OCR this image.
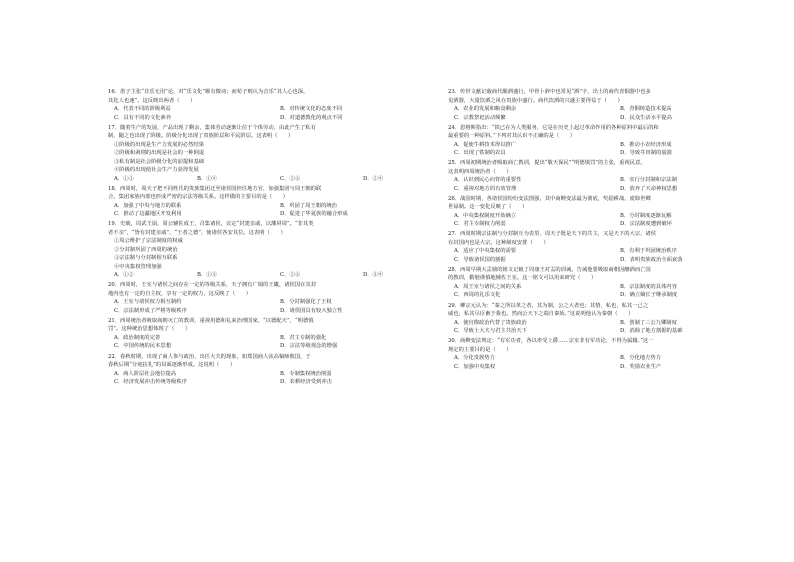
16．墨子主张“非乐无用”论，对“乐文化”颇有微词；而荀子则认为音乐“其人心也深，
其化人也速”。这反映出两者（　　）
A．代表不同的阶级利益	B．对传统文化的态度不同
C．具有不同的文化素养	D．对道德教化的观点不同
17．随着生产的发展，产品出现了剩余，集体劳动逐渐让位于个体劳动，由此产生了私有
制，随之也出现了阶级。阶级分化出现了贵族阶层和平民阶层。这表明（　　）
①阶级的出现是生产力发展的必然结果
②阶级和剥削的出现是社会的一种倒退
③私有制是社会阶级分化的前提和基础
④阶级的出现使社会生产力获得发展
A．①③	B．①④	C．②③	D．②④
18．西周时，周天子把不同姓氏的贵族集团迁至诸侯国担任地方官，加强集团与周王朝的联
合，集团家族内部也形成严密的宗法等级关系。这样做的主要目的是（　　）
A．加强了中央与地方的联系	B．巩固了周王朝的统治
C．推动了边疆地区开发利用	D．促进了华夏族的融合形成
19．史载，周武王崩，周公辅佐成王，召集诸侯，议定“封建亲戚，以藩屏周”。“非其类
者不亲”，“皆有封建亲戚”，“王者之德”，使诸侯各安其位。这表明（　　）
①周公维护了宗法制度的权威
②分封制巩固了西周的统治
③宗法制与分封制相互联系
④中央集权管理加强
A．①②	B．①③	C．②③	D．③④
20．西周时，王室与诸侯之间存在一定的等级关系，天子拥有广阔的王畿，诸侯国在其封
地内也有一定的自主权，享有一定的权力，这反映了（　　）
A．王室与诸侯权力相互制约	B．分封制强化了王权
C．宗法制形成了严格等级秩序	D．诸侯国具有较大独立性
21．西周统治者吸取商朝灭亡的教训，重视用德和礼来治理国家，“以德配天”，“明德慎
罚”。这种统治思想体现了（　　）
A．政治制度的完善	B．君主专制的强化
C．中国传统的民本思想	D．宗法等级观念的增强
22．春秋时期，出现了商人参与政治、出任大夫的现象，如郑国商人弦高犒师救国，于
春秋后期“分庭抗礼”的局面逐渐形成。这说明（　　）
A．商人阶层社会地位提高	B．专制集权统治削弱
C．经济发展冲击传统等级秩序	D．农耕经济受到冲击
23．传世文献记载商代酿酒盛行，甲骨卜辞中也常见“酒”字，出土的商代青铜器中也多
见酒器，大量饮酒之风在贵族中盛行。商代饮酒的兴盛主要得益于（　　）
A．农业的发展和粮食剩余	B．青铜铸造技术提高
C．宗教祭祀活动频繁	D．民众生活水平提高
24．恩格斯指出：“铁已在为人类服务，它是在历史上起过革命作用的各种原料中最后的和
最重要的一种原料。”下列对其认识不正确的是（　　）
A．促使牛耕技术得以推广	B．推动小农经济形成
C．出现了铁制的农具	D．导致井田制的崩溃
25．西周初期统治者吸取商亡教训，提出“敬天保民”“明德慎罚”的主张，重视民意。
这表明西周统治者（　　）
A．认识到民心向背的重要性	B．实行分封制和宗法制
C．重视对地方的有效管理	D．放弃了天命神权思想
26．战国时期，各诸侯国纷纷变法图强，其中商鞅变法最为彻底，奖励耕战，废除世卿
世禄制。这一变化反映了（　　）
A．中央集权制度开始确立	B．分封制度逐渐瓦解
C．君主专制权力削弱	D．宗法制度遭到破坏
27．西周时期宗法制与分封制互为表里，周天子既是天下的共主，又是天下的大宗，诸侯
在封国内也是大宗。这种制度安排（　　）
A．适应了中央集权的需要	B．有利于巩固统治秩序
C．导致诸侯国的割据	D．表明贵族政治全面衰落
28．西周早期大盂鼎的铭文记载了周康王对盂的训诫，告诫他要吸取商朝因酗酒而亡国
的教训，勤勉谨慎地辅佐王室。这一铭文可以用来研究（　　）
A．周王室与诸侯之间的关系	B．宗法制度的具体内容
C．西周的礼乐文化	D．确立嫡长子继承制度
29．柳宗元认为：“秦之所以革之者，其为制，公之大者也；其情，私也，私其一己之
威也，私其尽臣畜于我也。然而公天下之端自秦始。”这说明他认为秦朝（　　）
A．使官僚政治代替了贵族政治	B．创制了三公九卿制度
C．导致士大夫与君主共治天下	D．消除了地方割据的基础
30．商鞅变法规定：“有军功者，各以率受上爵……宗室非有军功论，不得为属籍。”这一
规定的主要目的是（　　）
A．分化贵族势力	B．分化地方势力
C．加强中央集权	D．奖励农业生产
